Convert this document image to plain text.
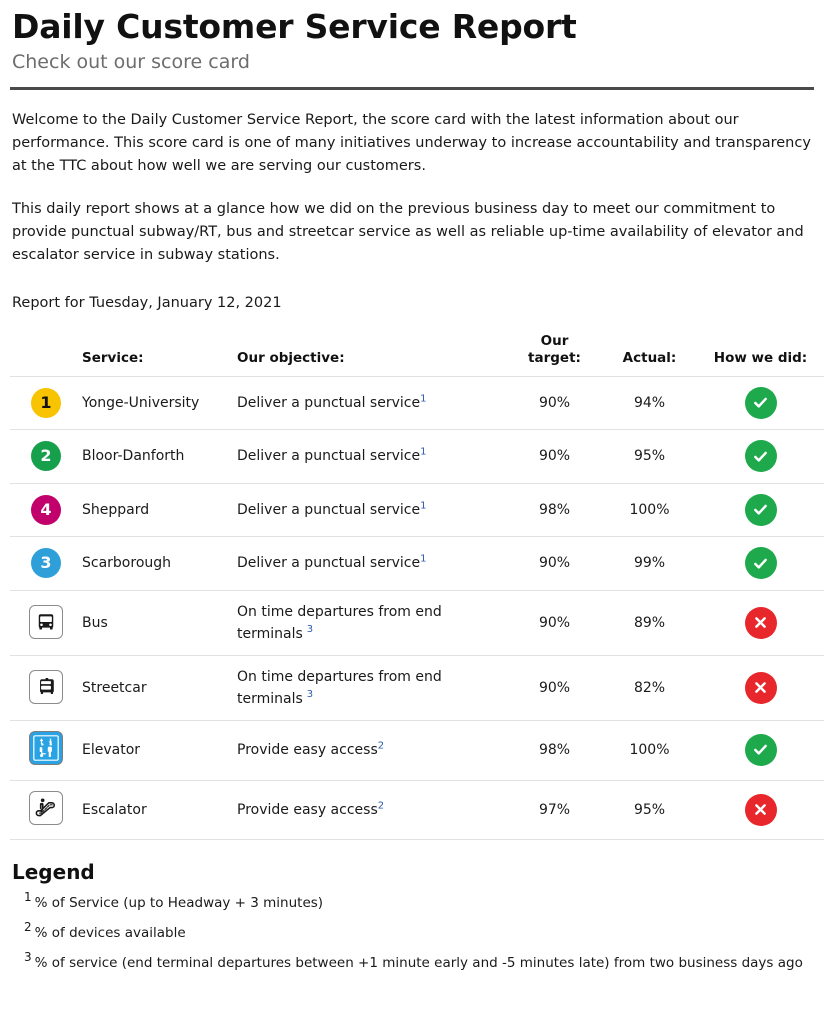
Daily Customer Service Report
Check out our score card

Welcome to the Daily Customer Service Report, the score card with the latest information about our performance. This score card is one of many initiatives underway to increase accountability and transparency at the TTC about how well we are serving our customers.

This daily report shows at a glance how we did on the previous business day to meet our commitment to provide punctual subway/RT, bus and streetcar service as well as reliable up-time availability of elevator and escalator service in subway stations.

Report for Tuesday, January 12, 2021
	Service:	Our objective:	Our
target:	Actual:	How we did:
1	Yonge-University	Deliver a punctual service$^1$	90%	94%	

2	Bloor-Danforth	Deliver a punctual service$^1$	90%	95%	

4	Sheppard	Deliver a punctual service$^1$	98%	100%	

3	Scarborough	Deliver a punctual service$^1$	90%	99%	

	Bus	On time departures from end terminals $^3$	90%	89%	

	Streetcar	On time departures from end terminals $^3$	90%	82%	

	Elevator	Provide easy access$^2$	98%	100%	

	Escalator	Provide easy access$^2$	97%	95%	
Legend
1 % of Service (up to Headway + 3 minutes)
2 % of devices available
3 % of service (end terminal departures between +1 minute early and -5 minutes late) from two business days ago
